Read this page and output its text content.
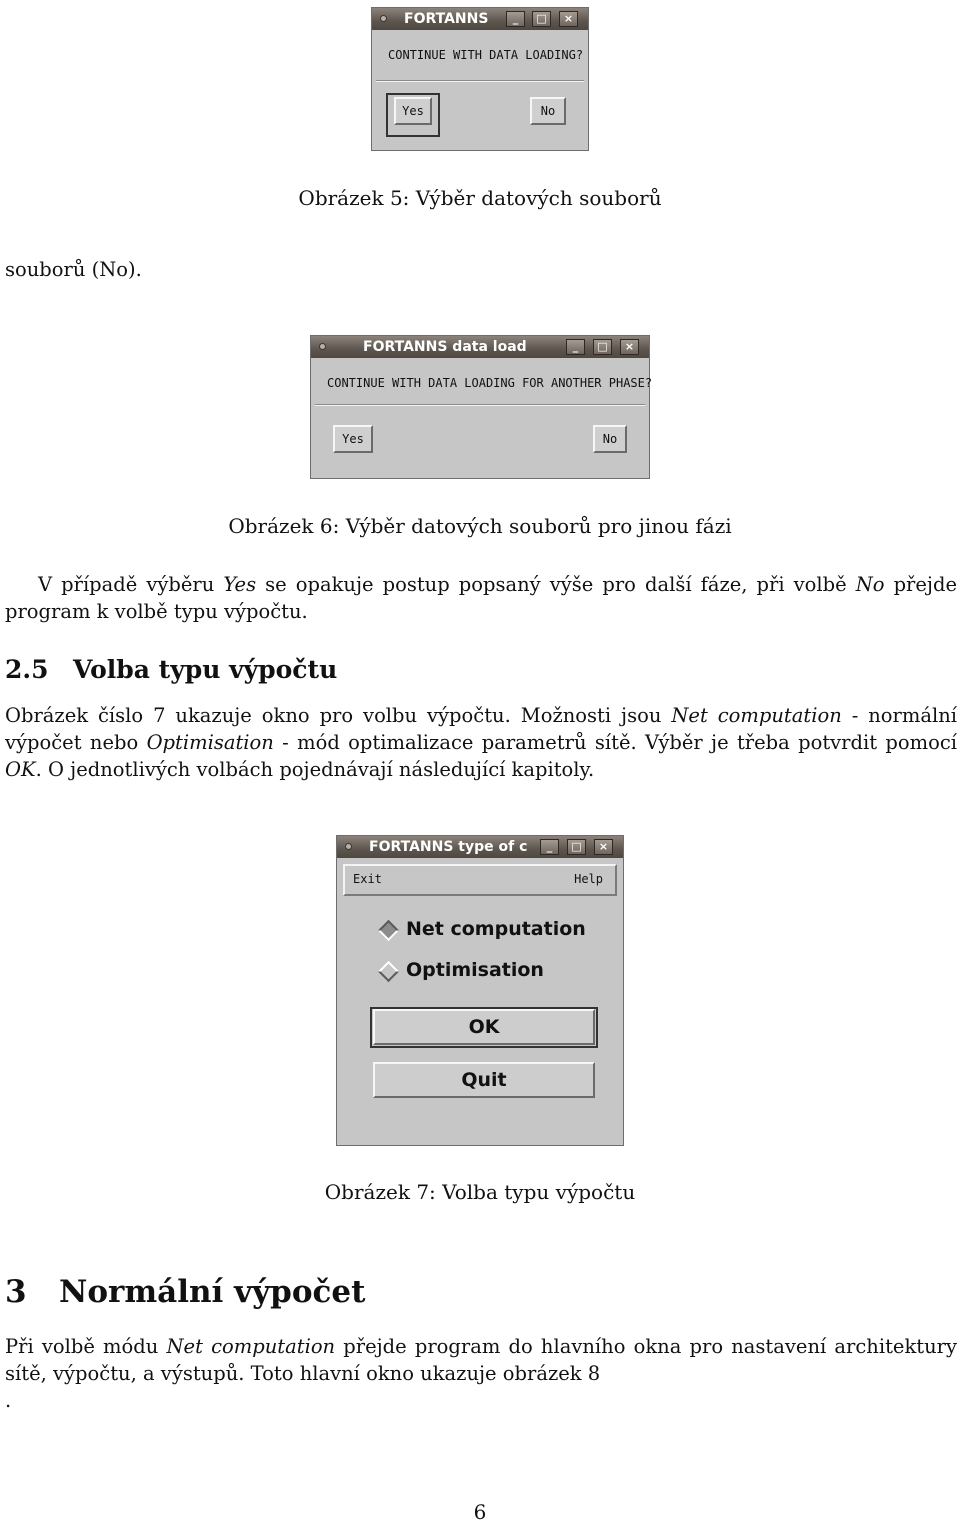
FORTANNS	_	□	×
CONTINUE WITH DATA LOADING?
Yes	No
Obrázek 5: Výběr datových souborů
souborů (No).
FORTANNS data load	_	□	×
CONTINUE WITH DATA LOADING FOR ANOTHER PHASE?
Yes	No
Obrázek 6: Výběr datových souborů pro jinou fázi
V případě výběru Yes se opakuje postup popsaný výše pro další fáze, při volbě No přejde program k volbě typu výpočtu.
2.5 Volba typu výpočtu
Obrázek číslo 7 ukazuje okno pro volbu výpočtu. Možnosti jsou Net computation - normální výpočet nebo Optimisation - mód optimalizace parametrů sítě. Výběr je třeba potvrdit pomocí OK. O jednotlivých volbách pojednávají následující kapitoly.
FORTANNS type of c	_	□	×
Exit	Help
Net computation
Optimisation
OK
Quit
Obrázek 7: Volba typu výpočtu
3 Normální výpočet
Při volbě módu Net computation přejde program do hlavního okna pro nastavení architektury sítě, výpočtu, a výstupů. Toto hlavní okno ukazuje obrázek 8
.
6
